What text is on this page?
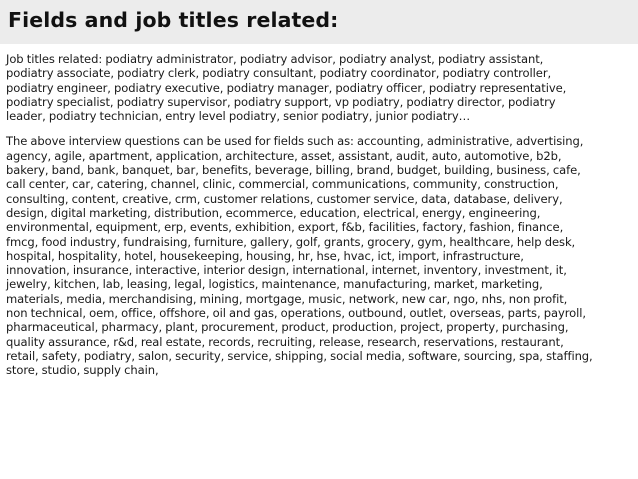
Fields and job titles related:
Job titles related: podiatry administrator, podiatry advisor, podiatry analyst, podiatry assistant,
podiatry associate, podiatry clerk, podiatry consultant, podiatry coordinator, podiatry controller,
podiatry engineer, podiatry executive, podiatry manager, podiatry officer, podiatry representative,
podiatry specialist, podiatry supervisor, podiatry support, vp podiatry, podiatry director, podiatry
leader, podiatry technician, entry level podiatry, senior podiatry, junior podiatry…
The above interview questions can be used for fields such as: accounting, administrative, advertising,
agency, agile, apartment, application, architecture, asset, assistant, audit, auto, automotive, b2b,
bakery, band, bank, banquet, bar, benefits, beverage, billing, brand, budget, building, business, cafe,
call center, car, catering, channel, clinic, commercial, communications, community, construction,
consulting, content, creative, crm, customer relations, customer service, data, database, delivery,
design, digital marketing, distribution, ecommerce, education, electrical, energy, engineering,
environmental, equipment, erp, events, exhibition, export, f&b, facilities, factory, fashion, finance,
fmcg, food industry, fundraising, furniture, gallery, golf, grants, grocery, gym, healthcare, help desk,
hospital, hospitality, hotel, housekeeping, housing, hr, hse, hvac, ict, import, infrastructure,
innovation, insurance, interactive, interior design, international, internet, inventory, investment, it,
jewelry, kitchen, lab, leasing, legal, logistics, maintenance, manufacturing, market, marketing,
materials, media, merchandising, mining, mortgage, music, network, new car, ngo, nhs, non profit,
non technical, oem, office, offshore, oil and gas, operations, outbound, outlet, overseas, parts, payroll,
pharmaceutical, pharmacy, plant, procurement, product, production, project, property, purchasing,
quality assurance, r&d, real estate, records, recruiting, release, research, reservations, restaurant,
retail, safety, podiatry, salon, security, service, shipping, social media, software, sourcing, spa, staffing,
store, studio, supply chain,
